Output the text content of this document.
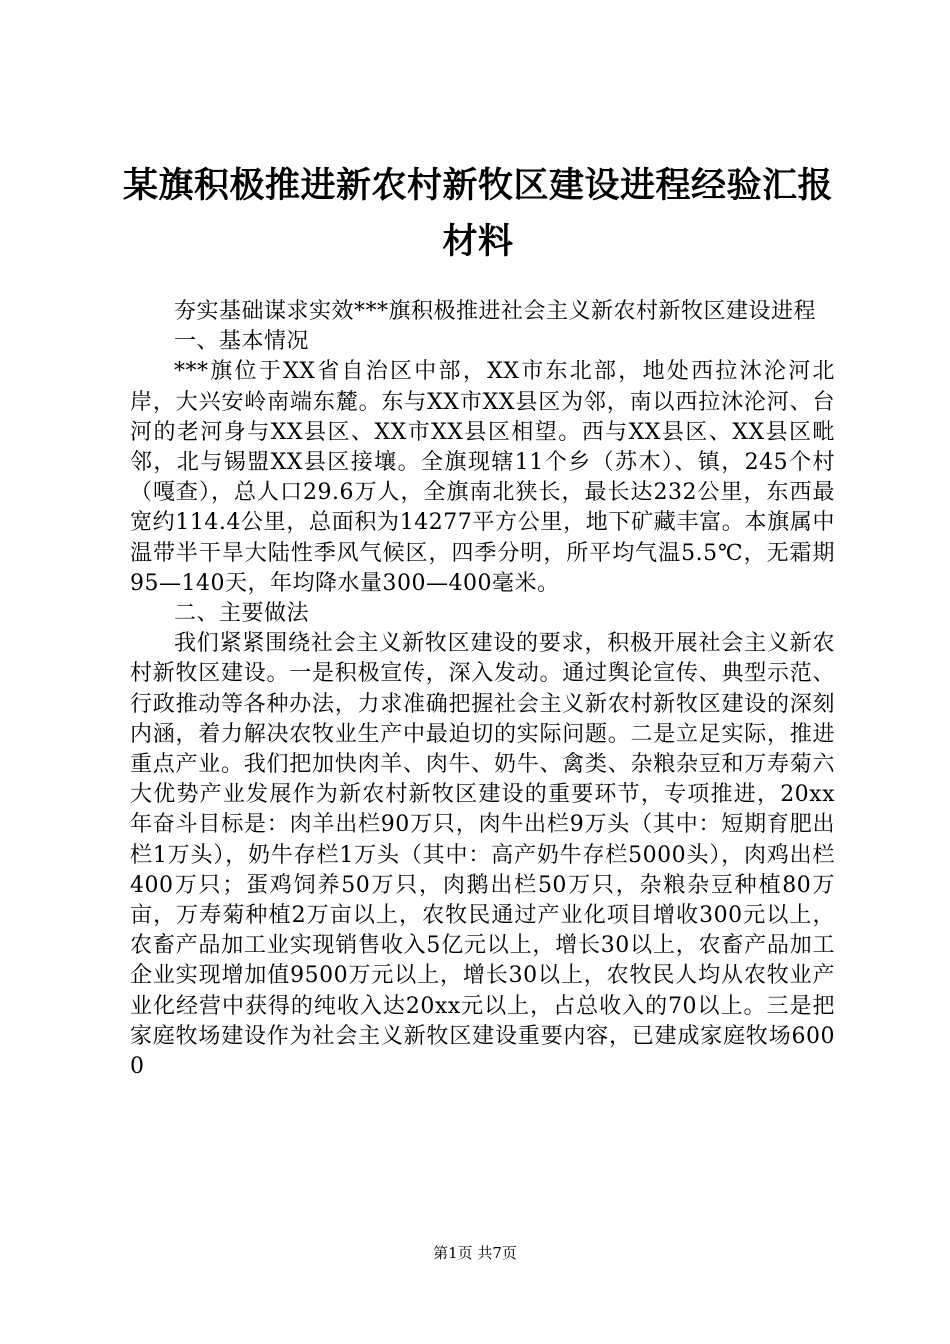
某旗积极推进新农村新牧区建设进程经验汇报材料

夯实基础谋求实效***旗积极推进社会主义新农村新牧区建设进程

一、基本情况

***旗位于XX省自治区中部，XX市东北部，地处西拉沐沦河北岸，大兴安岭南端东麓。东与XX市XX县区为邻，南以西拉沐沦河、台河的老河身与XX县区、XX市XX县区相望。西与XX县区、XX县区毗邻，北与锡盟XX县区接壤。全旗现辖11个乡（苏木）、镇，245个村（嘎查），总人口29.6万人，全旗南北狭长，最长达232公里，东西最宽约114.4公里，总面积为14277平方公里，地下矿藏丰富。本旗属中温带半干旱大陆性季风气候区，四季分明，所平均气温5.5℃，无霜期95—140天，年均降水量300—400毫米。

二、主要做法

我们紧紧围绕社会主义新牧区建设的要求，积极开展社会主义新农村新牧区建设。一是积极宣传，深入发动。通过舆论宣传、典型示范、行政推动等各种办法，力求准确把握社会主义新农村新牧区建设的深刻内涵，着力解决农牧业生产中最迫切的实际问题。二是立足实际，推进重点产业。我们把加快肉羊、肉牛、奶牛、禽类、杂粮杂豆和万寿菊六大优势产业发展作为新农村新牧区建设的重要环节，专项推进，20xx年奋斗目标是：肉羊出栏90万只，肉牛出栏9万头（其中：短期育肥出栏1万头），奶牛存栏1万头（其中：高产奶牛存栏5000头），肉鸡出栏400万只；蛋鸡饲养50万只，肉鹅出栏50万只，杂粮杂豆种植80万亩，万寿菊种植2万亩以上，农牧民通过产业化项目增收300元以上，农畜产品加工业实现销售收入5亿元以上，增长30以上，农畜产品加工企业实现增加值9500万元以上，增长30以上，农牧民人均从农牧业产业化经营中获得的纯收入达20xx元以上，占总收入的70以上。三是把家庭牧场建设作为社会主义新牧区建设重要内容，已建成家庭牧场6000

第1页 共7页
